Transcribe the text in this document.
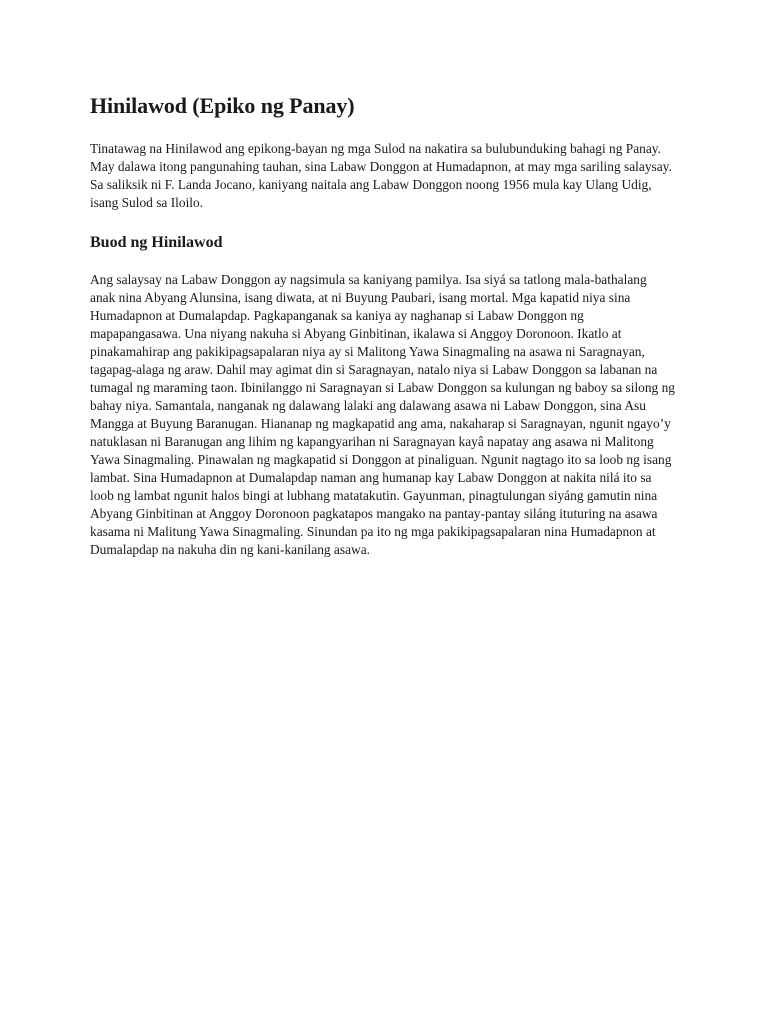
Hinilawod (Epiko ng Panay)

Tinatawag na Hinilawod ang epikong-bayan ng mga Sulod na nakatira sa bulubunduking bahagi ng Panay. May dalawa itong pangunahing tauhan, sina Labaw Donggon at Humadapnon, at may mga sariling salaysay. Sa saliksik ni F. Landa Jocano, kaniyang naitala ang Labaw Donggon noong 1956 mula kay Ulang Udig, isang Sulod sa Iloilo.

Buod ng Hinilawod

Ang salaysay na Labaw Donggon ay nagsimula sa kaniyang pamilya. Isa siyá sa tatlong mala-bathalang anak nina Abyang Alunsina, isang diwata, at ni Buyung Paubari, isang mortal. Mga kapatid niya sina Humadapnon at Dumalapdap. Pagkapanganak sa kaniya ay naghanap si Labaw Donggon ng mapapangasawa. Una niyang nakuha si Abyang Ginbitinan, ikalawa si Anggoy Doronoon. Ikatlo at pinakamahirap ang pakikipagsapalaran niya ay si Malitong Yawa Sinagmaling na asawa ni Saragnayan, tagapag-alaga ng araw. Dahil may agimat din si Saragnayan, natalo niya si Labaw Donggon sa labanan na tumagal ng maraming taon. Ibinilanggo ni Saragnayan si Labaw Donggon sa kulungan ng baboy sa silong ng bahay niya. Samantala, nanganak ng dalawang lalaki ang dalawang asawa ni Labaw Donggon, sina Asu Mangga at Buyung Baranugan. Hiananap ng magkapatid ang ama, nakaharap si Saragnayan, ngunit ngayo’y natuklasan ni Baranugan ang lihim ng kapangyarihan ni Saragnayan kayâ napatay ang asawa ni Malitong Yawa Sinagmaling. Pinawalan ng magkapatid si Donggon at pinaliguan. Ngunit nagtago ito sa loob ng isang lambat. Sina Humadapnon at Dumalapdap naman ang humanap kay Labaw Donggon at nakita nilá ito sa loob ng lambat ngunit halos bingi at lubhang matatakutin. Gayunman, pinagtulungan siyáng gamutin nina Abyang Ginbitinan at Anggoy Doronoon pagkatapos mangako na pantay-pantay siláng ituturing na asawa kasama ni Malitung Yawa Sinagmaling. Sinundan pa ito ng mga pakikipagsapalaran nina Humadapnon at Dumalapdap na nakuha din ng kani-kanilang asawa.
